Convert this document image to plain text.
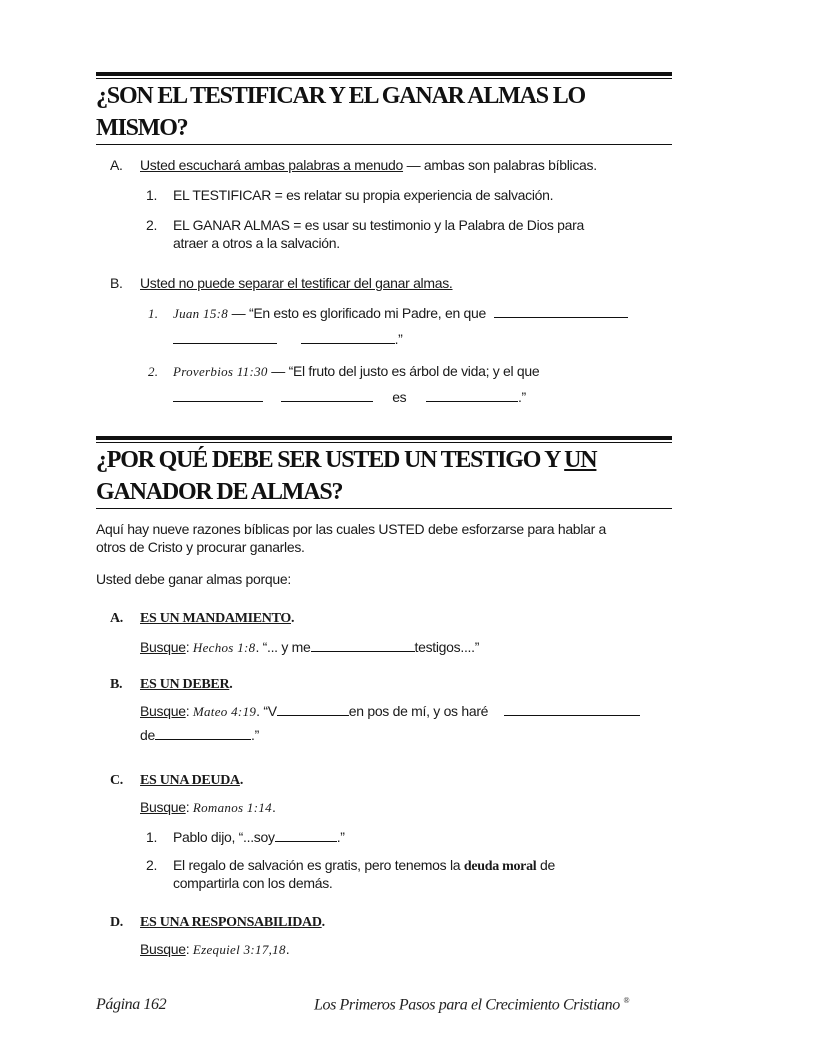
¿SON EL TESTIFICAR Y EL GANAR ALMAS LO
MISMO?
A. Usted escuchará ambas palabras a menudo — ambas son palabras bíblicas.
1. EL TESTIFICAR = es relatar su propia experiencia de salvación.
2. EL GANAR ALMAS = es usar su testimonio y la Palabra de Dios para
atraer a otros a la salvación.
B. Usted no puede separar el testificar del ganar almas.
1. Juan 15:8 — “En esto es glorificado mi Padre, en que
.”
2. Proverbios 11:30 — “El fruto del justo es árbol de vida; y el que
es	.”
¿POR QUÉ DEBE SER USTED UN TESTIGO Y UN
GANADOR DE ALMAS?
Aquí hay nueve razones bíblicas por las cuales USTED debe esforzarse para hablar a
otros de Cristo y procurar ganarles.
Usted debe ganar almas porque:
A. ES UN MANDAMIENTO.
Busque: Hechos 1:8. “... y me	testigos....”
B. ES UN DEBER.
Busque: Mateo 4:19. “V	en pos de mí, y os haré
de	.”
C. ES UNA DEUDA.
Busque: Romanos 1:14.
1. Pablo dijo, “...soy	.”
2. El regalo de salvación es gratis, pero tenemos la deuda moral de
compartirla con los demás.
D. ES UNA RESPONSABILIDAD.
Busque: Ezequiel 3:17,18.
Página 162	Los Primeros Pasos para el Crecimiento Cristiano ®
